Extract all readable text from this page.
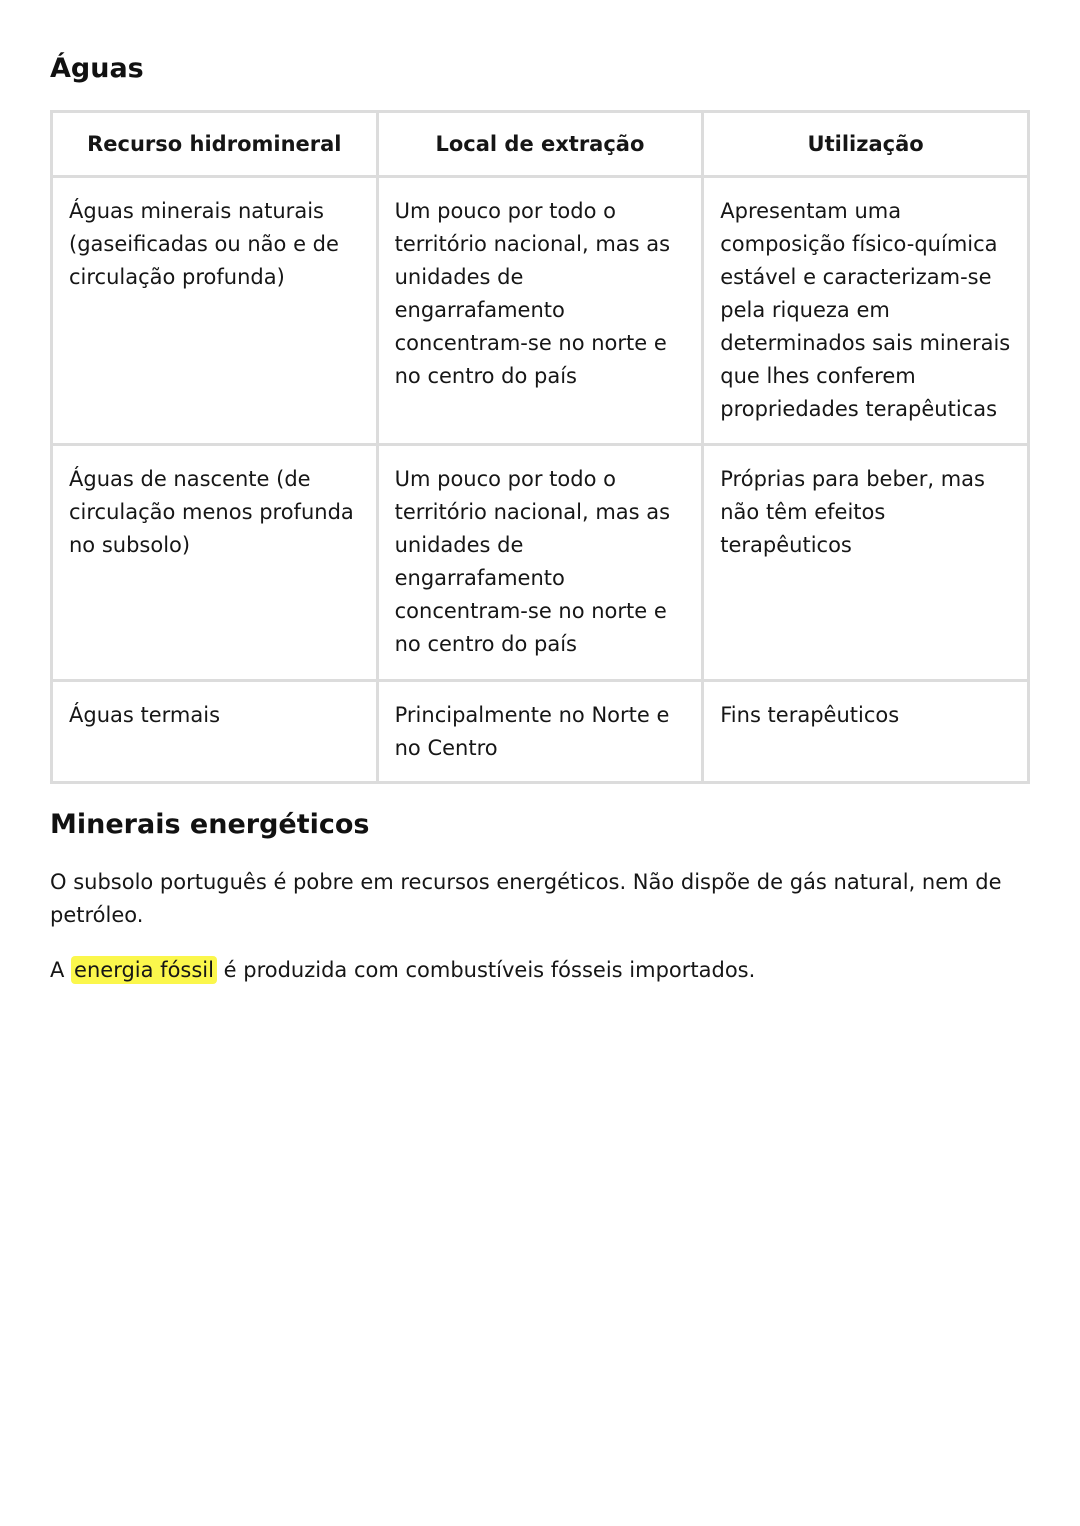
Águas
Recurso hidromineral	Local de extração	Utilização
Águas minerais naturais (gaseificadas ou não e de circulação profunda)	Um pouco por todo o território nacional, mas as unidades de engarrafamento concentram-se no norte e no centro do país	Apresentam uma composição físico-química estável e caracterizam-se pela riqueza em determinados sais minerais que lhes conferem propriedades terapêuticas
Águas de nascente (de circulação menos profunda no subsolo)	Um pouco por todo o território nacional, mas as unidades de engarrafamento concentram-se no norte e no centro do país	Próprias para beber, mas não têm efeitos terapêuticos
Águas termais	Principalmente no Norte e no Centro	Fins terapêuticos
Minerais energéticos

O subsolo português é pobre em recursos energéticos. Não dispõe de gás natural, nem de petróleo.

A energia fóssil é produzida com combustíveis fósseis importados.
